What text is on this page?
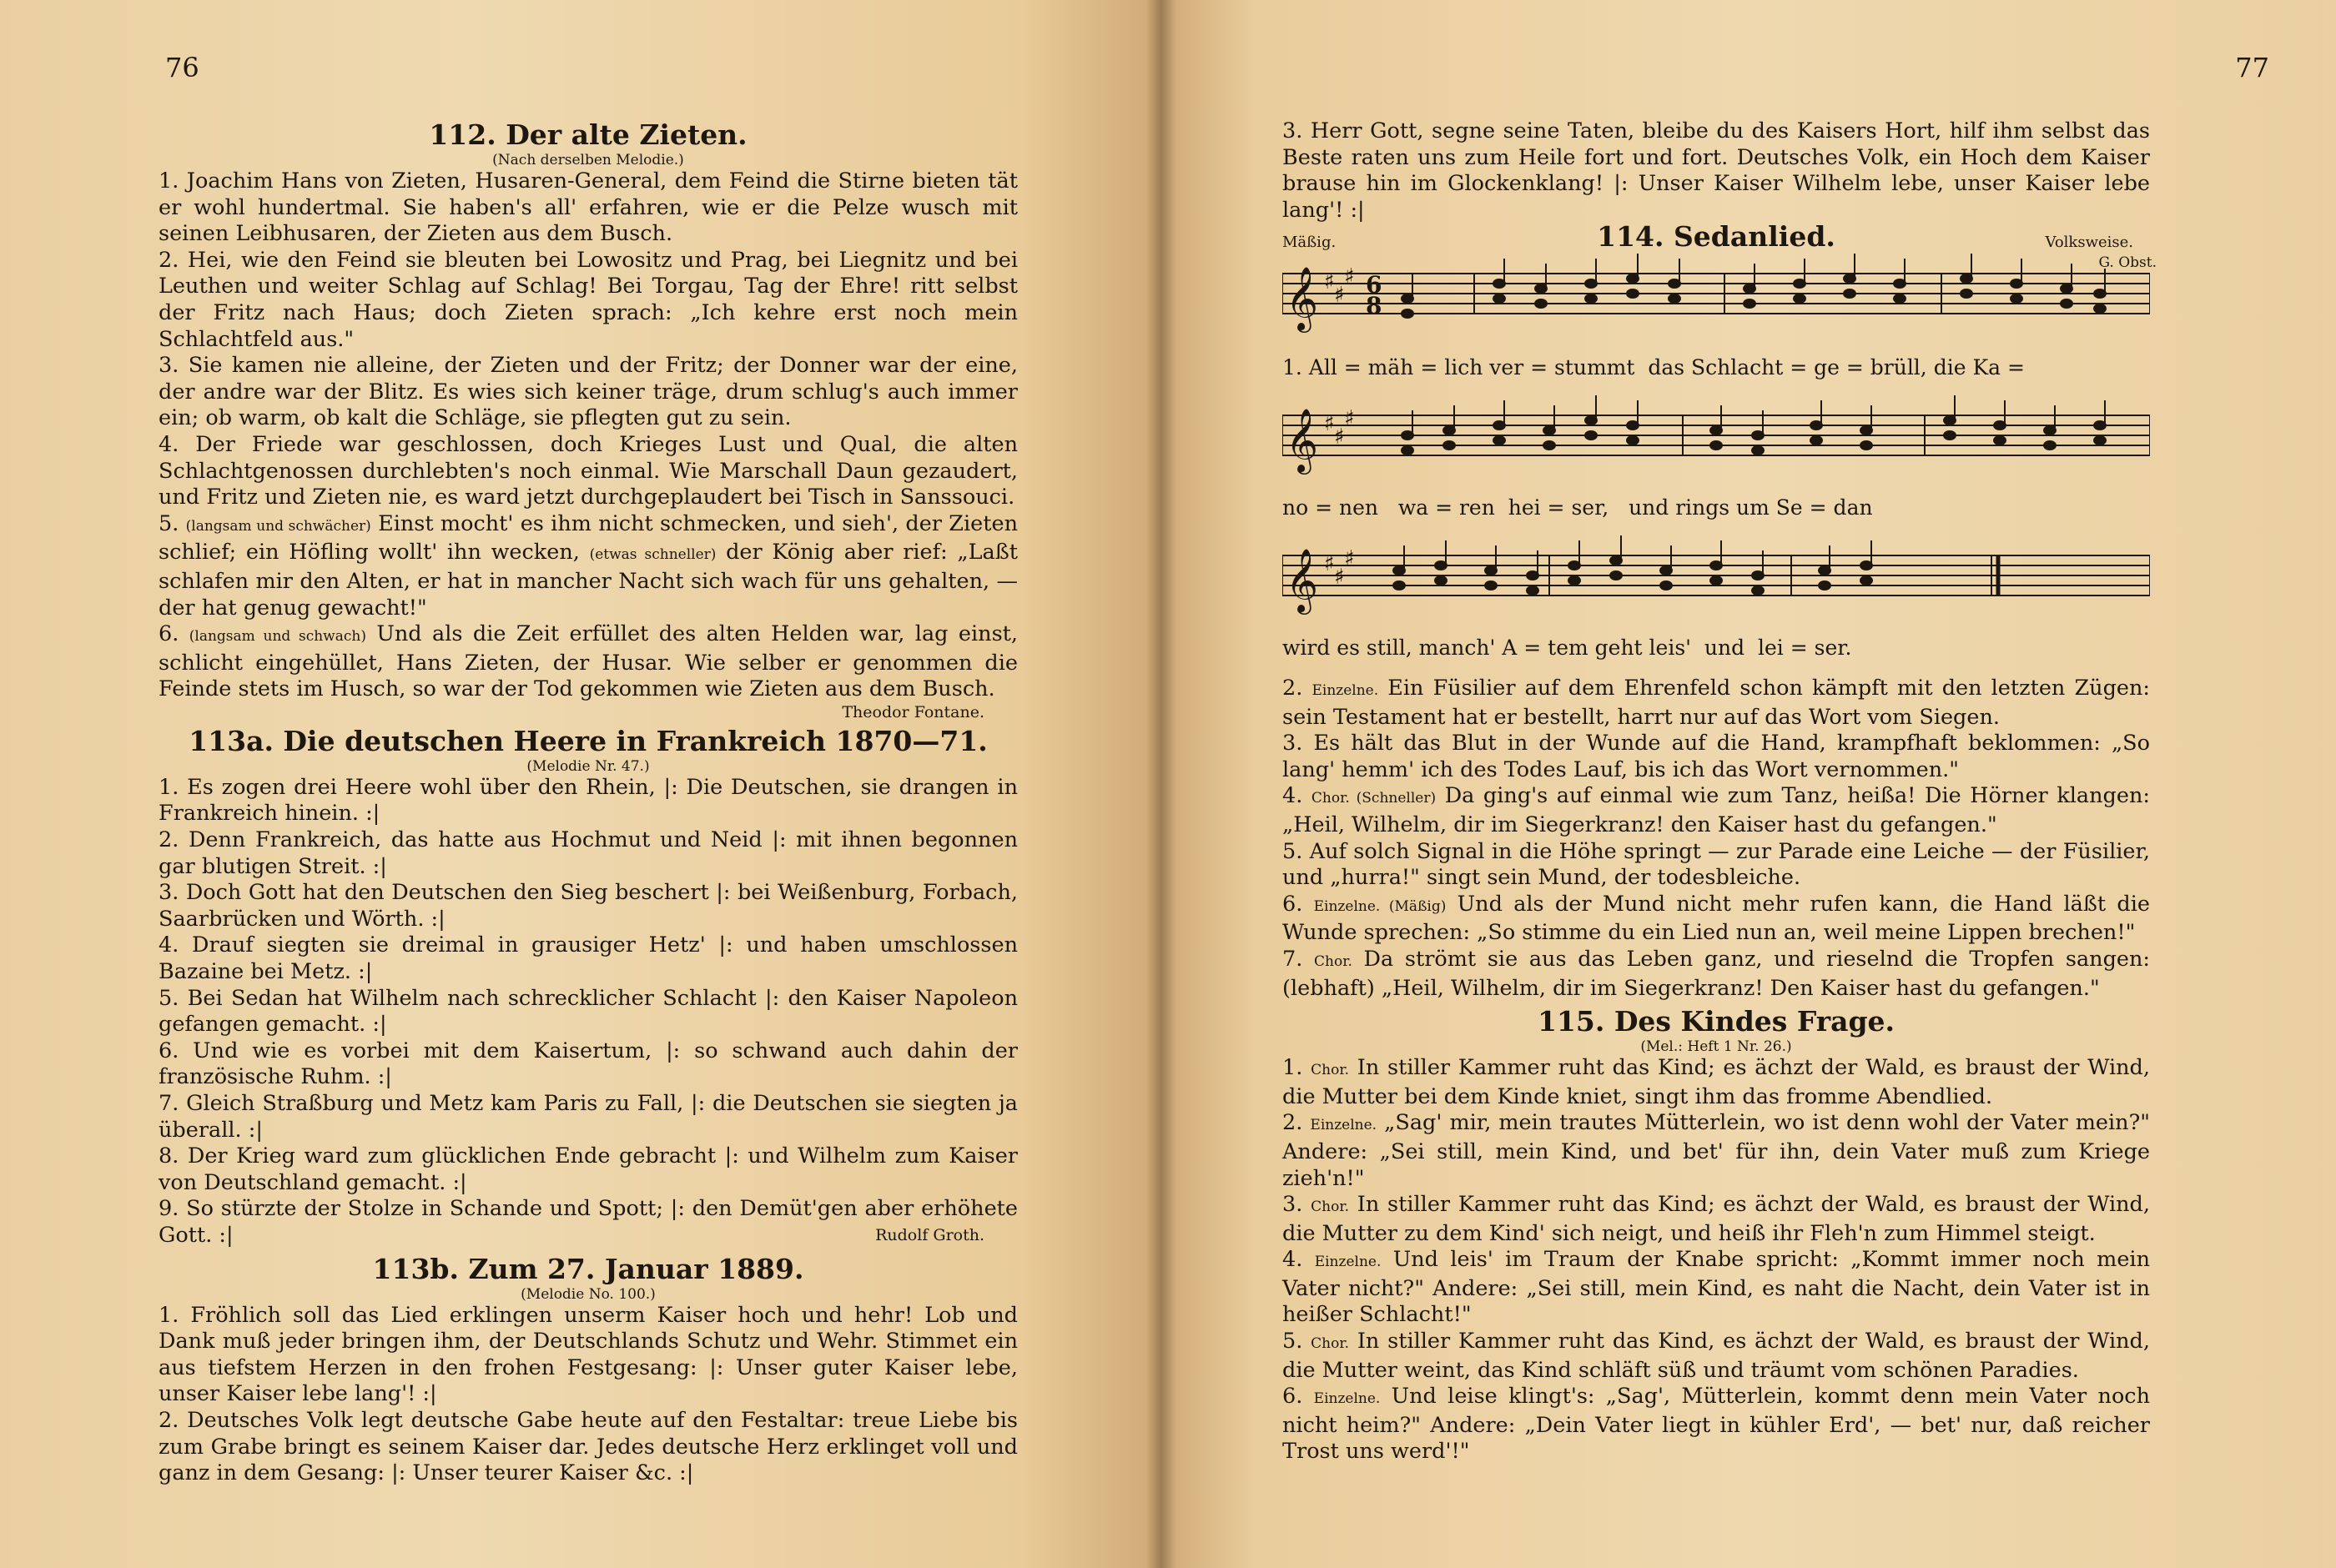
76
112. Der alte Zieten.
(Nach derselben Melodie.)
1. Joachim Hans von Zieten, Husaren-General, dem Feind die Stirne bieten tät er wohl hundertmal. Sie haben's all' erfahren, wie er die Pelze wusch mit seinen Leibhusaren, der Zieten aus dem Busch.
2. Hei, wie den Feind sie bleuten bei Lowositz und Prag, bei Liegnitz und bei Leuthen und weiter Schlag auf Schlag! Bei Torgau, Tag der Ehre! ritt selbst der Fritz nach Haus; doch Zieten sprach: „Ich kehre erst noch mein Schlachtfeld aus."
3. Sie kamen nie alleine, der Zieten und der Fritz; der Donner war der eine, der andre war der Blitz. Es wies sich keiner träge, drum schlug's auch immer ein; ob warm, ob kalt die Schläge, sie pflegten gut zu sein.
4. Der Friede war geschlossen, doch Krieges Lust und Qual, die alten Schlachtgenossen durchlebten's noch einmal. Wie Marschall Daun gezaudert, und Fritz und Zieten nie, es ward jetzt durchgeplaudert bei Tisch in Sanssouci.
5. (langsam und schwächer) Einst mocht' es ihm nicht schmecken, und sieh', der Zieten schlief; ein Höfling wollt' ihn wecken, (etwas schneller) der König aber rief: „Laßt schlafen mir den Alten, er hat in mancher Nacht sich wach für uns gehalten, — der hat genug gewacht!"
6. (langsam und schwach) Und als die Zeit erfüllet des alten Helden war, lag einst, schlicht eingehüllet, Hans Zieten, der Husar. Wie selber er genommen die Feinde stets im Husch, so war der Tod gekommen wie Zieten aus dem Busch.
Theodor Fontane.
113a. Die deutschen Heere in Frankreich 1870—71.
(Melodie Nr. 47.)
1. Es zogen drei Heere wohl über den Rhein, |: Die Deutschen, sie drangen in Frankreich hinein. :|
2. Denn Frankreich, das hatte aus Hochmut und Neid |: mit ihnen begonnen gar blutigen Streit. :|
3. Doch Gott hat den Deutschen den Sieg beschert |: bei Weißenburg, Forbach, Saarbrücken und Wörth. :|
4. Drauf siegten sie dreimal in grausiger Hetz' |: und haben umschlossen Bazaine bei Metz. :|
5. Bei Sedan hat Wilhelm nach schrecklicher Schlacht |: den Kaiser Napoleon gefangen gemacht. :|
6. Und wie es vorbei mit dem Kaisertum, |: so schwand auch dahin der französische Ruhm. :|
7. Gleich Straßburg und Metz kam Paris zu Fall, |: die Deutschen sie siegten ja überall. :|
8. Der Krieg ward zum glücklichen Ende gebracht |: und Wilhelm zum Kaiser von Deutschland gemacht. :|
9. So stürzte der Stolze in Schande und Spott; |: den Demüt'gen aber erhöhete Gott. :|	Rudolf Groth.
113b. Zum 27. Januar 1889.
(Melodie No. 100.)
1. Fröhlich soll das Lied erklingen unserm Kaiser hoch und hehr! Lob und Dank muß jeder bringen ihm, der Deutschlands Schutz und Wehr. Stimmet ein aus tiefstem Herzen in den frohen Festgesang: |: Unser guter Kaiser lebe, unser Kaiser lebe lang'! :|
2. Deutsches Volk legt deutsche Gabe heute auf den Festaltar: treue Liebe bis zum Grabe bringt es seinem Kaiser dar. Jedes deutsche Herz erklinget voll und ganz in dem Gesang: |: Unser teurer Kaiser &c. :|
77
3. Herr Gott, segne seine Taten, bleibe du des Kaisers Hort, hilf ihm selbst das Beste raten uns zum Heile fort und fort. Deutsches Volk, ein Hoch dem Kaiser brause hin im Glockenklang! |: Unser Kaiser Wilhelm lebe, unser Kaiser lebe lang'! :|
Mäßig.	114. Sedanlied.	Volksweise.
G. Obst.
𝄞 ♯
♯
♯ 6
8
1. All = mäh = lich ver = stummt  das Schlacht = ge = brüll, die Ka =
𝄞 ♯
♯
♯
no = nen   wa = ren  hei = ser,   und rings um Se = dan
𝄞 ♯
♯
♯
wird es still, manch' A = tem geht leis'  und  lei = ser.
2. Einzelne. Ein Füsilier auf dem Ehrenfeld schon kämpft mit den letzten Zügen: sein Testament hat er bestellt, harrt nur auf das Wort vom Siegen.
3. Es hält das Blut in der Wunde auf die Hand, krampfhaft beklommen: „So lang' hemm' ich des Todes Lauf, bis ich das Wort vernommen."
4. Chor. (Schneller) Da ging's auf einmal wie zum Tanz, heißa! Die Hörner klangen: „Heil, Wilhelm, dir im Siegerkranz! den Kaiser hast du gefangen."
5. Auf solch Signal in die Höhe springt — zur Parade eine Leiche — der Füsilier, und „hurra!" singt sein Mund, der todesbleiche.
6. Einzelne. (Mäßig) Und als der Mund nicht mehr rufen kann, die Hand läßt die Wunde sprechen: „So stimme du ein Lied nun an, weil meine Lippen brechen!"
7. Chor. Da strömt sie aus das Leben ganz, und rieselnd die Tropfen sangen: (lebhaft) „Heil, Wilhelm, dir im Siegerkranz! Den Kaiser hast du gefangen."
115. Des Kindes Frage.
(Mel.: Heft 1 Nr. 26.)
1. Chor. In stiller Kammer ruht das Kind; es ächzt der Wald, es braust der Wind, die Mutter bei dem Kinde kniet, singt ihm das fromme Abendlied.
2. Einzelne. „Sag' mir, mein trautes Mütterlein, wo ist denn wohl der Vater mein?" Andere: „Sei still, mein Kind, und bet' für ihn, dein Vater muß zum Kriege zieh'n!"
3. Chor. In stiller Kammer ruht das Kind; es ächzt der Wald, es braust der Wind, die Mutter zu dem Kind' sich neigt, und heiß ihr Fleh'n zum Himmel steigt.
4. Einzelne. Und leis' im Traum der Knabe spricht: „Kommt immer noch mein Vater nicht?" Andere: „Sei still, mein Kind, es naht die Nacht, dein Vater ist in heißer Schlacht!"
5. Chor. In stiller Kammer ruht das Kind, es ächzt der Wald, es braust der Wind, die Mutter weint, das Kind schläft süß und träumt vom schönen Paradies.
6. Einzelne. Und leise klingt's: „Sag', Mütterlein, kommt denn mein Vater noch nicht heim?" Andere: „Dein Vater liegt in kühler Erd', — bet' nur, daß reicher Trost uns werd'!"
